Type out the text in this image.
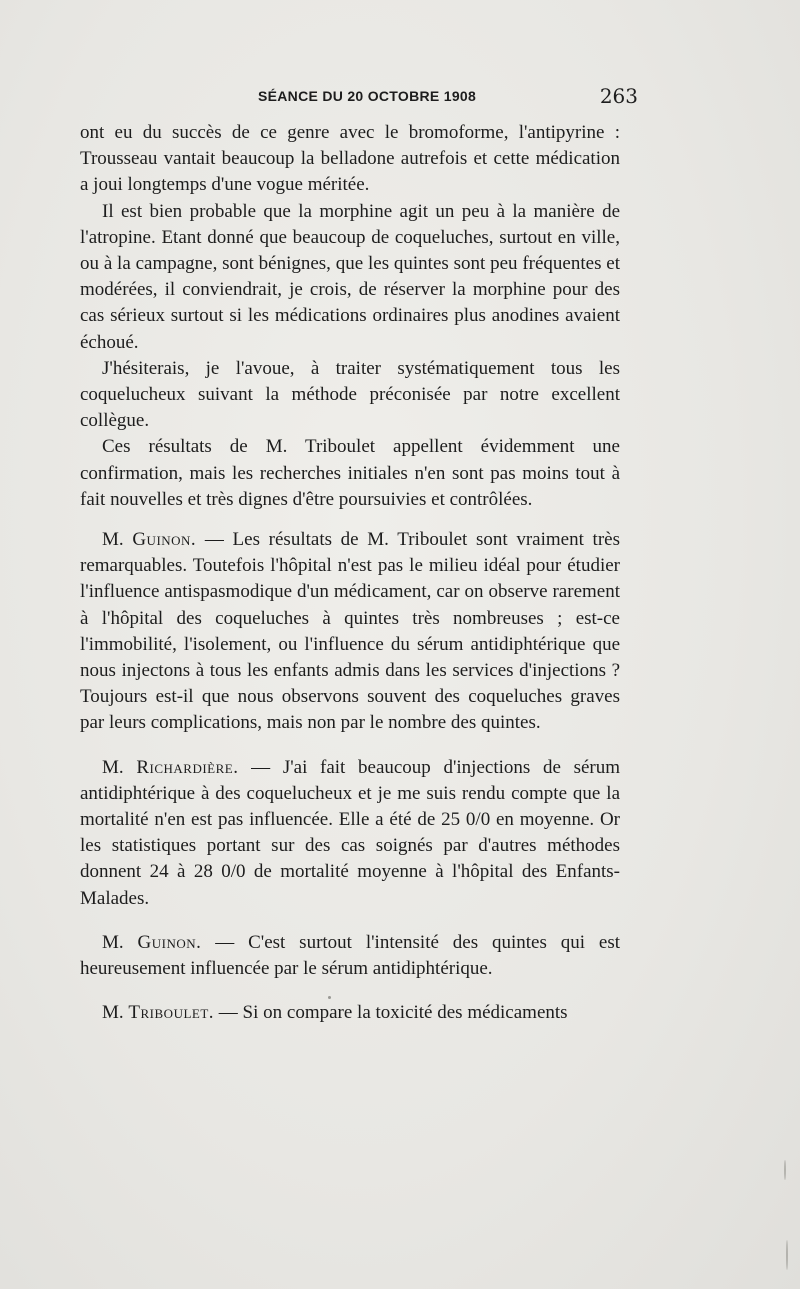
SÉANCE DU 20 OCTOBRE 1908	263

ont eu du succès de ce genre avec le bromoforme, l'antipyrine : Trousseau vantait beaucoup la belladone autrefois et cette médication a joui longtemps d'une vogue méritée.

Il est bien probable que la morphine agit un peu à la manière de l'atropine. Etant donné que beaucoup de coqueluches, surtout en ville, ou à la campagne, sont bénignes, que les quintes sont peu fréquentes et modérées, il conviendrait, je crois, de réserver la morphine pour des cas sérieux surtout si les médications ordinaires plus anodines avaient échoué.

J'hésiterais, je l'avoue, à traiter systématiquement tous les coquelucheux suivant la méthode préconisée par notre excellent collègue.

Ces résultats de M. Triboulet appellent évidemment une confirmation, mais les recherches initiales n'en sont pas moins tout à fait nouvelles et très dignes d'être poursuivies et contrôlées.

M. Guinon. — Les résultats de M. Triboulet sont vraiment très remarquables. Toutefois l'hôpital n'est pas le milieu idéal pour étudier l'influence antispasmodique d'un médicament, car on observe rarement à l'hôpital des coqueluches à quintes très nombreuses ; est-ce l'immobilité, l'isolement, ou l'influence du sérum antidiphtérique que nous injectons à tous les enfants admis dans les services d'injections ? Toujours est-il que nous observons souvent des coqueluches graves par leurs complications, mais non par le nombre des quintes.

M. Richardière. — J'ai fait beaucoup d'injections de sérum antidiphtérique à des coquelucheux et je me suis rendu compte que la mortalité n'en est pas influencée. Elle a été de 25 0/0 en moyenne. Or les statistiques portant sur des cas soignés par d'autres méthodes donnent 24 à 28 0/0 de mortalité moyenne à l'hôpital des Enfants-Malades.

M. Guinon. — C'est surtout l'intensité des quintes qui est heureusement influencée par le sérum antidiphtérique.

M. Triboulet. — Si on compare la toxicité des médicaments
